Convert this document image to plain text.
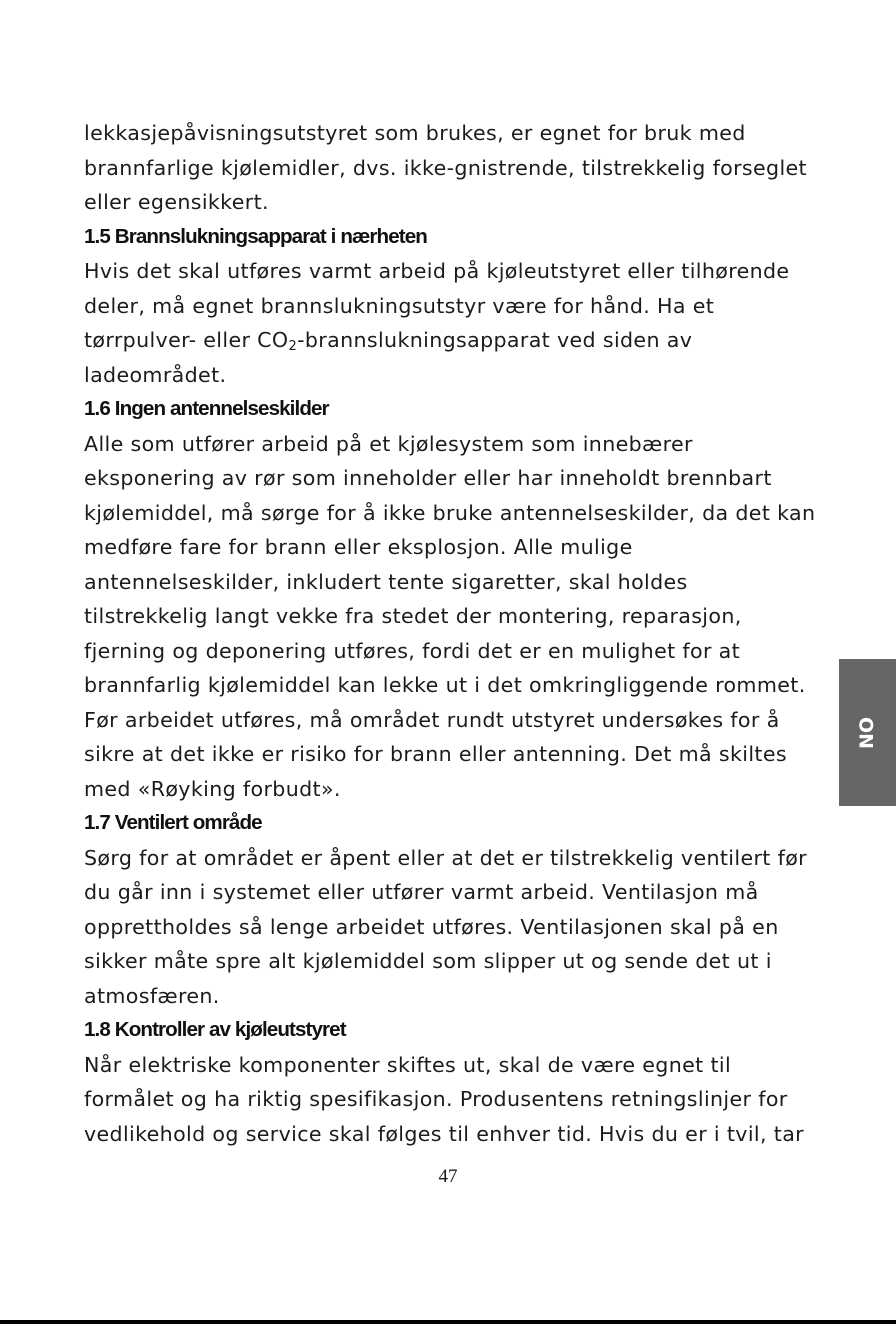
lekkasjepåvisningsutstyret som brukes, er egnet for bruk med
brannfarlige kjølemidler, dvs. ikke-gnistrende, tilstrekkelig forseglet
eller egensikkert.
1.5 Brannslukningsapparat i nærheten
Hvis det skal utføres varmt arbeid på kjøleutstyret eller tilhørende
deler, må egnet brannslukningsutstyr være for hånd. Ha et
tørrpulver- eller $CO_2$-brannslukningsapparat ved siden av
ladeområdet.
1.6 Ingen antennelseskilder
Alle som utfører arbeid på et kjølesystem som innebærer
eksponering av rør som inneholder eller har inneholdt brennbart
kjølemiddel, må sørge for å ikke bruke antennelseskilder, da det kan
medføre fare for brann eller eksplosjon. Alle mulige
antennelseskilder, inkludert tente sigaretter, skal holdes
tilstrekkelig langt vekke fra stedet der montering, reparasjon,
fjerning og deponering utføres, fordi det er en mulighet for at
brannfarlig kjølemiddel kan lekke ut i det omkringliggende rommet.
Før arbeidet utføres, må området rundt utstyret undersøkes for å
sikre at det ikke er risiko for brann eller antenning. Det må skiltes
med «Røyking forbudt».
1.7 Ventilert område
Sørg for at området er åpent eller at det er tilstrekkelig ventilert før
du går inn i systemet eller utfører varmt arbeid. Ventilasjon må
opprettholdes så lenge arbeidet utføres. Ventilasjonen skal på en
sikker måte spre alt kjølemiddel som slipper ut og sende det ut i
atmosfæren.
1.8 Kontroller av kjøleutstyret
Når elektriske komponenter skiftes ut, skal de være egnet til
formålet og ha riktig spesifikasjon. Produsentens retningslinjer for
vedlikehold og service skal følges til enhver tid. Hvis du er i tvil, tar
NO
47
